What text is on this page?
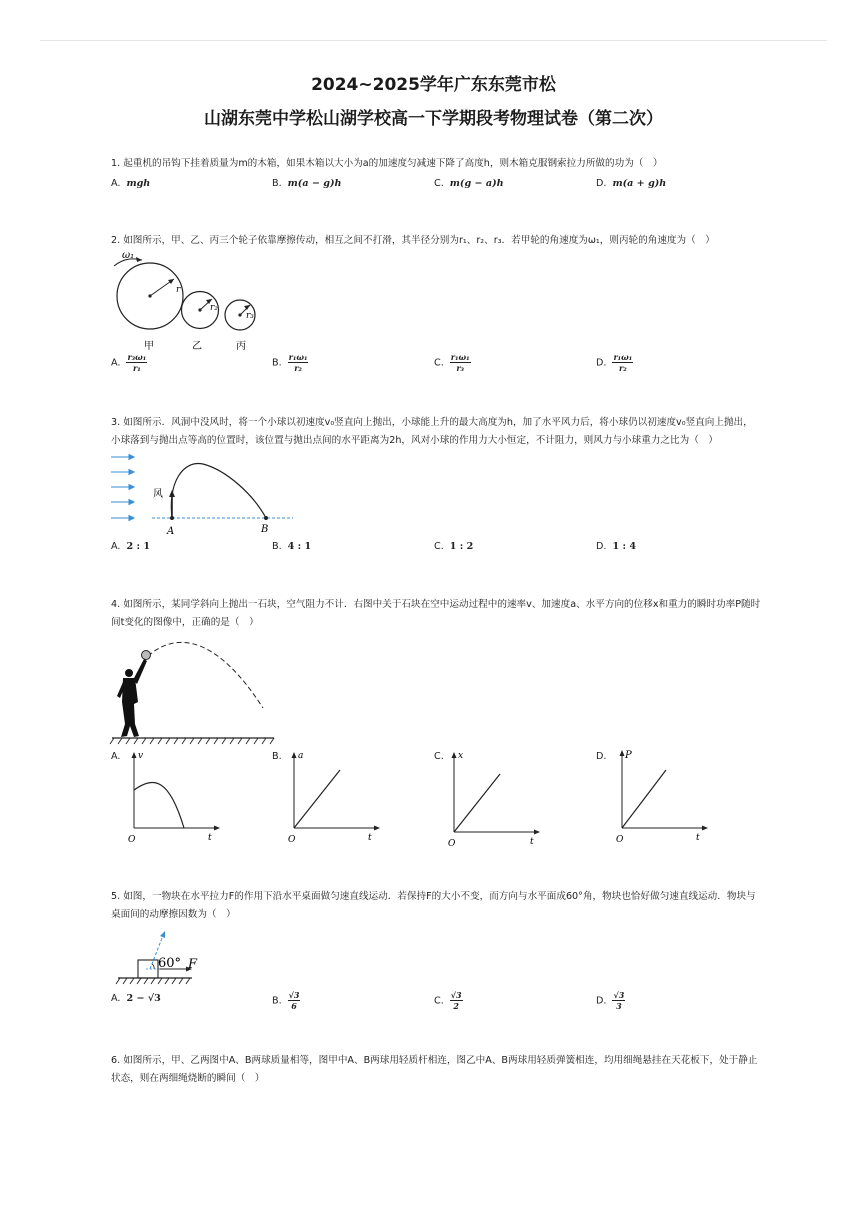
2024~2025学年广东东莞市松
山湖东莞中学松山湖学校高一下学期段考物理试卷（第二次）
1. 起重机的吊钩下挂着质量为m的木箱，如果木箱以大小为a的加速度匀减速下降了高度h，则木箱克服钢索拉力所做的功为（　）
A. mgh	B. m(a − g)h	C. m(g − a)h	D. m(a + g)h
2. 如图所示，甲、乙、丙三个轮子依靠摩擦传动，相互之间不打滑，其半径分别为r₁、r₂、r₃．若甲轮的角速度为ω₁，则丙轮的角速度为（　）
ω₁
r
r₂
r₃
甲	乙	丙
A. $\frac{\text{r₃ω₁}}{\text{r₁}}$	B. $\frac{\text{r₁ω₁}}{\text{r₂}}$	C. $\frac{\text{r₁ω₁}}{\text{r₃}}$	D. $\frac{\text{r₁ω₁}}{\text{r₂}}$
3. 如图所示．风洞中没风时，将一个小球以初速度v₀竖直向上抛出，小球能上升的最大高度为h，加了水平风力后，将小球仍以初速度v₀竖直向上抛出，小球落到与抛出点等高的位置时，该位置与抛出点间的水平距离为2h，风对小球的作用力大小恒定，不计阻力，则风力与小球重力之比为（　）
风
A	B
A. 2 : 1	B. 4 : 1	C. 1 : 2	D. 1 : 4
4. 如图所示，某同学斜向上抛出一石块，空气阻力不计．右图中关于石块在空中运动过程中的速率v、加速度a、水平方向的位移x和重力的瞬时功率P随时间t变化的图像中，正确的是（　）
A. v
t
O
B. a
t
O
C. x
t
O
D. P
t
O
5. 如图，一物块在水平拉力F的作用下沿水平桌面做匀速直线运动．若保持F的大小不变，而方向与水平面成60°角，物块也恰好做匀速直线运动．物块与桌面间的动摩擦因数为（　）
60° F
A. 2 − √3	B. $\frac{√3}{6}$	C. $\frac{√3}{2}$	D. $\frac{√3}{3}$
6. 如图所示，甲、乙两图中A、B两球质量相等，图甲中A、B两球用轻质杆相连，图乙中A、B两球用轻质弹簧相连，均用细绳悬挂在天花板下，处于静止状态，则在两细绳烧断的瞬间（　）
